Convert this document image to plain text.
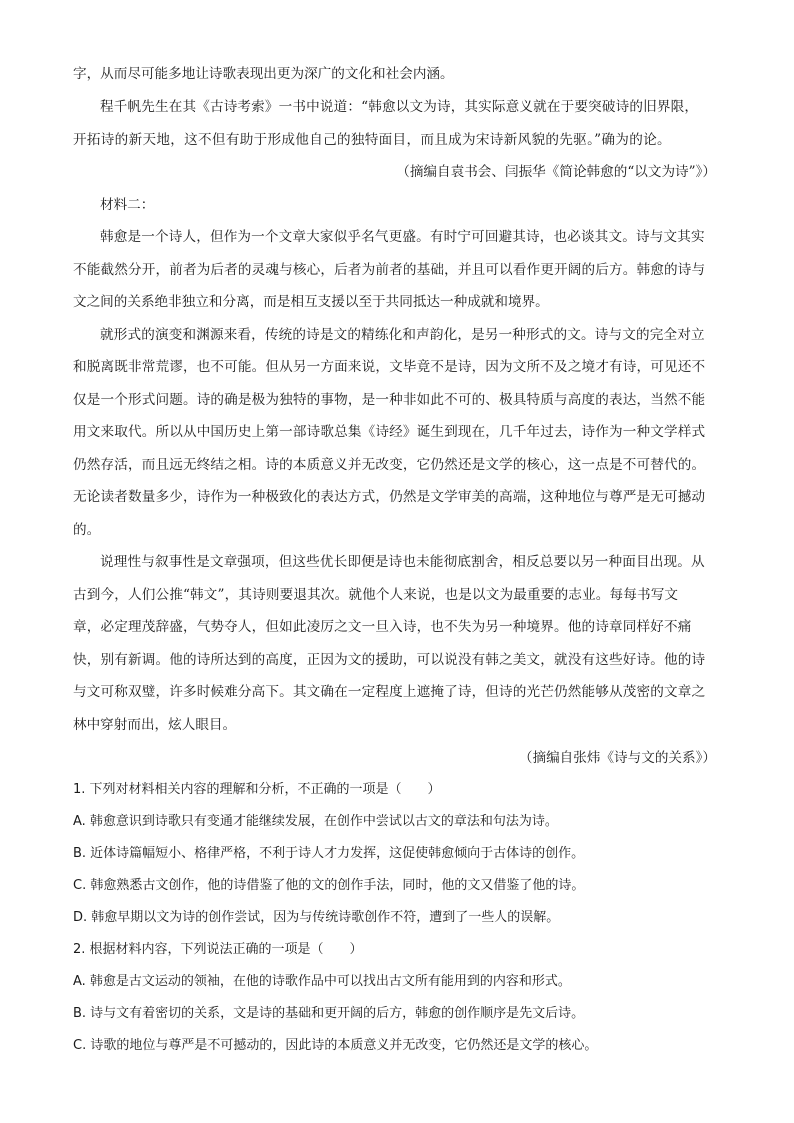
字，从而尽可能多地让诗歌表现出更为深广的文化和社会内涵。
程千帆先生在其《古诗考索》一书中说道：“韩愈以文为诗，其实际意义就在于要突破诗的旧界限，
开拓诗的新天地，这不但有助于形成他自己的独特面目，而且成为宋诗新风貌的先驱。”确为的论。
（摘编自袁书会、闫振华《简论韩愈的“以文为诗”》）
材料二：
韩愈是一个诗人，但作为一个文章大家似乎名气更盛。有时宁可回避其诗，也必谈其文。诗与文其实
不能截然分开，前者为后者的灵魂与核心，后者为前者的基础，并且可以看作更开阔的后方。韩愈的诗与
文之间的关系绝非独立和分离，而是相互支援以至于共同抵达一种成就和境界。
就形式的演变和渊源来看，传统的诗是文的精练化和声韵化，是另一种形式的文。诗与文的完全对立
和脱离既非常荒谬，也不可能。但从另一方面来说，文毕竟不是诗，因为文所不及之境才有诗，可见还不
仅是一个形式问题。诗的确是极为独特的事物，是一种非如此不可的、极具特质与高度的表达，当然不能
用文来取代。所以从中国历史上第一部诗歌总集《诗经》诞生到现在，几千年过去，诗作为一种文学样式
仍然存活，而且远无终结之相。诗的本质意义并无改变，它仍然还是文学的核心，这一点是不可替代的。
无论读者数量多少，诗作为一种极致化的表达方式，仍然是文学审美的高端，这种地位与尊严是无可撼动
的。
说理性与叙事性是文章强项，但这些优长即便是诗也未能彻底割舍，相反总要以另一种面目出现。从
古到今，人们公推“韩文”，其诗则要退其次。就他个人来说，也是以文为最重要的志业。每每书写文
章，必定理茂辞盛，气势夺人，但如此凌厉之文一旦入诗，也不失为另一种境界。他的诗章同样好不痛
快，别有新调。他的诗所达到的高度，正因为文的援助，可以说没有韩之美文，就没有这些好诗。他的诗
与文可称双璧，许多时候难分高下。其文确在一定程度上遮掩了诗，但诗的光芒仍然能够从茂密的文章之
林中穿射而出，炫人眼目。
（摘编自张炜《诗与文的关系》）
1. 下列对材料相关内容的理解和分析，不正确的一项是（　　）
A. 韩愈意识到诗歌只有变通才能继续发展，在创作中尝试以古文的章法和句法为诗。
B. 近体诗篇幅短小、格律严格，不利于诗人才力发挥，这促使韩愈倾向于古体诗的创作。
C. 韩愈熟悉古文创作，他的诗借鉴了他的文的创作手法，同时，他的文又借鉴了他的诗。
D. 韩愈早期以文为诗的创作尝试，因为与传统诗歌创作不符，遭到了一些人的误解。
2. 根据材料内容，下列说法正确的一项是（　　）
A. 韩愈是古文运动的领袖，在他的诗歌作品中可以找出古文所有能用到的内容和形式。
B. 诗与文有着密切的关系，文是诗的基础和更开阔的后方，韩愈的创作顺序是先文后诗。
C. 诗歌的地位与尊严是不可撼动的，因此诗的本质意义并无改变，它仍然还是文学的核心。
